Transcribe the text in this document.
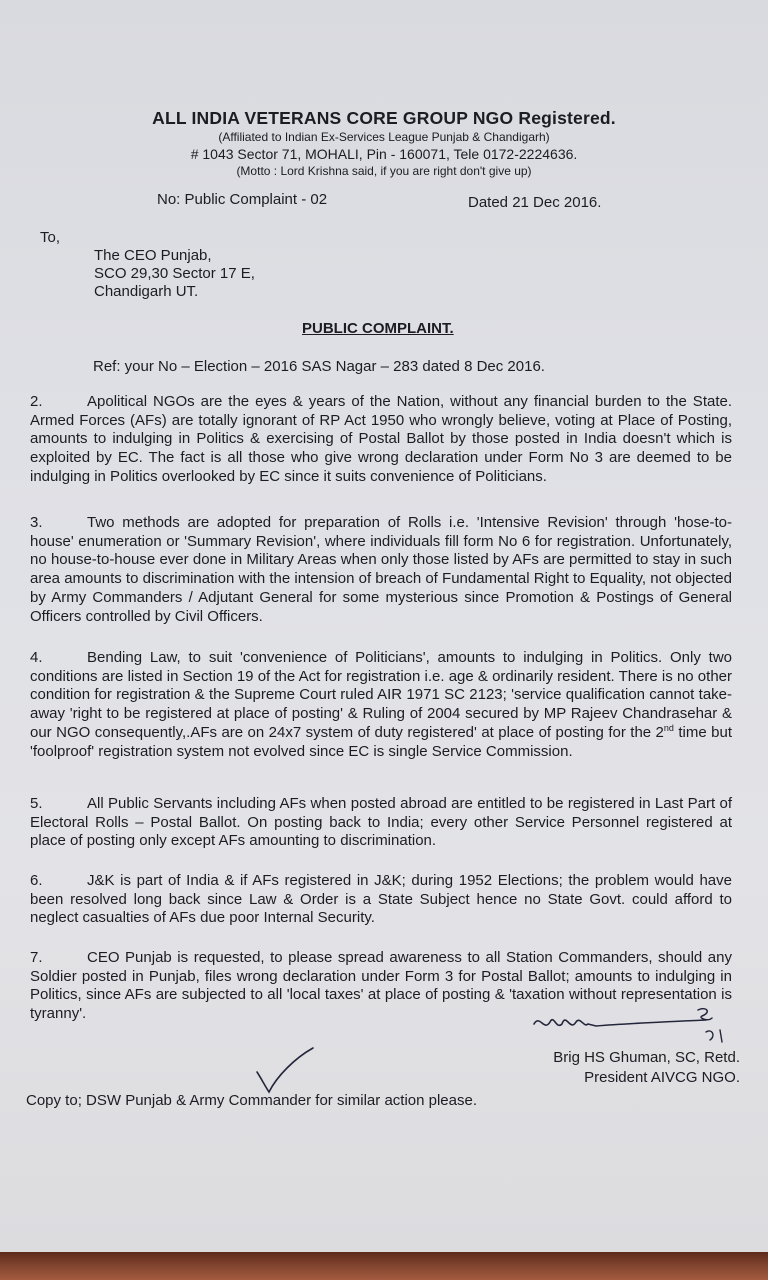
ALL INDIA VETERANS CORE GROUP NGO Registered.
(Affiliated to Indian Ex-Services League Punjab & Chandigarh)
# 1043 Sector 71, MOHALI, Pin - 160071, Tele 0172-2224636.
(Motto : Lord Krishna said, if you are right don't give up)
No: Public Complaint - 02	Dated 21 Dec 2016.
To,
The CEO Punjab,
SCO 29,30 Sector 17 E,
Chandigarh UT.
PUBLIC COMPLAINT.
Ref: your No – Election – 2016 SAS Nagar – 283 dated 8 Dec 2016.
2.	Apolitical NGOs are the eyes & years of the Nation, without any financial burden to the State. Armed Forces (AFs) are totally ignorant of RP Act 1950 who wrongly believe, voting at Place of Posting, amounts to indulging in Politics & exercising of Postal Ballot by those posted in India doesn't which is exploited by EC. The fact is all those who give wrong declaration under Form No 3 are deemed to be indulging in Politics overlooked by EC since it suits convenience of Politicians.
3.	Two methods are adopted for preparation of Rolls i.e. 'Intensive Revision' through 'hose-to-house' enumeration or 'Summary Revision', where individuals fill form No 6 for registration. Unfortunately, no house-to-house ever done in Military Areas when only those listed by AFs are permitted to stay in such area amounts to discrimination with the intension of breach of Fundamental Right to Equality, not objected by Army Commanders / Adjutant General for some mysterious since Promotion & Postings of General Officers controlled by Civil Officers.
4.	Bending Law, to suit 'convenience of Politicians', amounts to indulging in Politics. Only two conditions are listed in Section 19 of the Act for registration i.e. age & ordinarily resident. There is no other condition for registration & the Supreme Court ruled AIR 1971 SC 2123; 'service qualification cannot take-away 'right to be registered at place of posting' & Ruling of 2004 secured by MP Rajeev Chandrasehar & our NGO consequently,.AFs are on 24x7 system of duty registered' at place of posting for the 2nd time but 'foolproof' registration system not evolved since EC is single Service Commission.
5.	All Public Servants including AFs when posted abroad are entitled to be registered in Last Part of Electoral Rolls – Postal Ballot. On posting back to India; every other Service Personnel registered at place of posting only except AFs amounting to discrimination.
6.	J&K is part of India & if AFs registered in J&K; during 1952 Elections; the problem would have been resolved long back since Law & Order is a State Subject hence no State Govt. could afford to neglect casualties of AFs due poor Internal Security.
7.	CEO Punjab is requested, to please spread awareness to all Station Commanders, should any Soldier posted in Punjab, files wrong declaration under Form 3 for Postal Ballot; amounts to indulging in Politics, since AFs are subjected to all 'local taxes' at place of posting & 'taxation without representation is tyranny'.
Brig HS Ghuman, SC, Retd.
President AIVCG NGO.
Copy to; DSW Punjab & Army Commander for similar action please.
